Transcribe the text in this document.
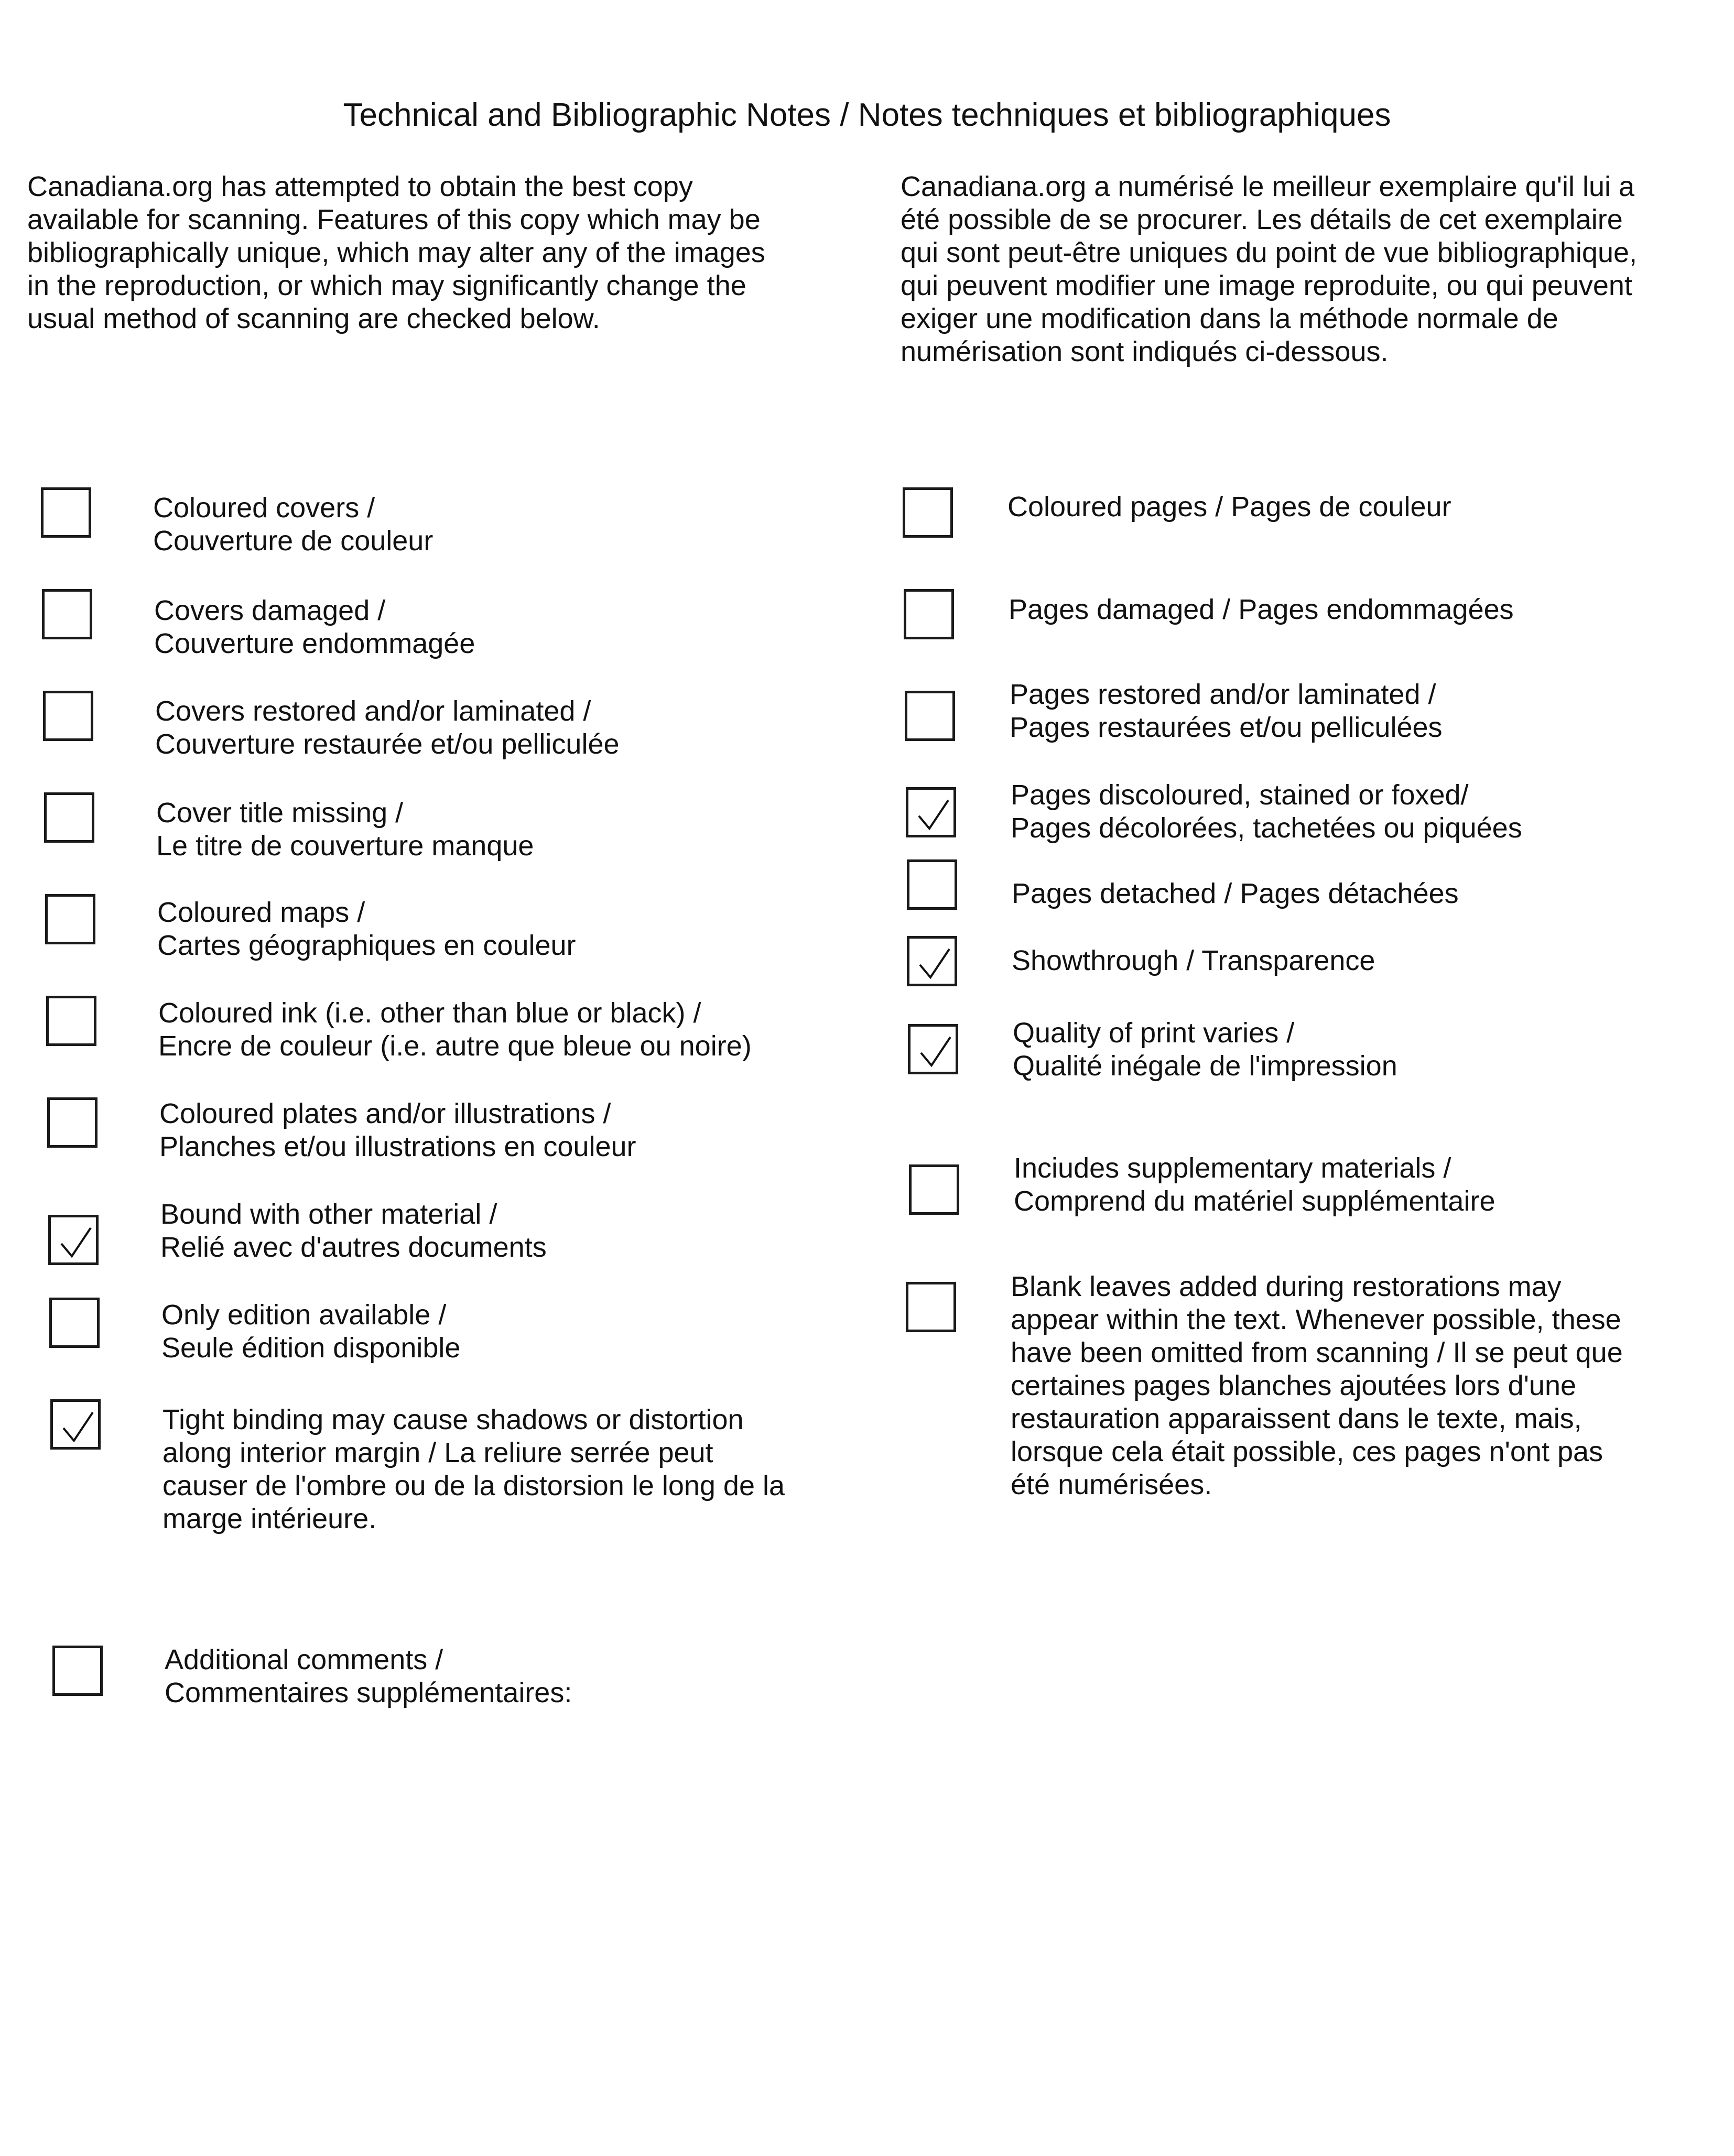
Technical and Bibliographic Notes / Notes techniques et bibliographiques
Canadiana.org has attempted to obtain the best copy
available for scanning. Features of this copy which may be
bibliographically unique, which may alter any of the images
in the reproduction, or which may significantly change the
usual method of scanning are checked below.
Canadiana.org a numérisé le meilleur exemplaire qu'il lui a
été possible de se procurer. Les détails de cet exemplaire
qui sont peut-être uniques du point de vue bibliographique,
qui peuvent modifier une image reproduite, ou qui peuvent
exiger une modification dans la méthode normale de
numérisation sont indiqués ci-dessous.
Coloured covers /
Couverture de couleur
Covers damaged /
Couverture endommagée
Covers restored and/or laminated /
Couverture restaurée et/ou pelliculée
Cover title missing /
Le titre de couverture manque
Coloured maps /
Cartes géographiques en couleur
Coloured ink (i.e. other than blue or black) /
Encre de couleur (i.e. autre que bleue ou noire)
Coloured plates and/or illustrations /
Planches et/ou illustrations en couleur
Bound with other material /
Relié avec d'autres documents
Only edition available /
Seule édition disponible
Tight binding may cause shadows or distortion
along interior margin / La reliure serrée peut
causer de l'ombre ou de la distorsion le long de la
marge intérieure.
Additional comments /
Commentaires supplémentaires:
Coloured pages / Pages de couleur
Pages damaged / Pages endommagées
Pages restored and/or laminated /
Pages restaurées et/ou pelliculées
Pages discoloured, stained or foxed/
Pages décolorées, tachetées ou piquées
Pages detached / Pages détachées
Showthrough / Transparence
Quality of print varies /
Qualité inégale de l'impression
Inciudes supplementary materials /
Comprend du matériel supplémentaire
Blank leaves added during restorations may
appear within the text. Whenever possible, these
have been omitted from scanning / Il se peut que
certaines pages blanches ajoutées lors d'une
restauration apparaissent dans le texte, mais,
lorsque cela était possible, ces pages n'ont pas
été numérisées.
